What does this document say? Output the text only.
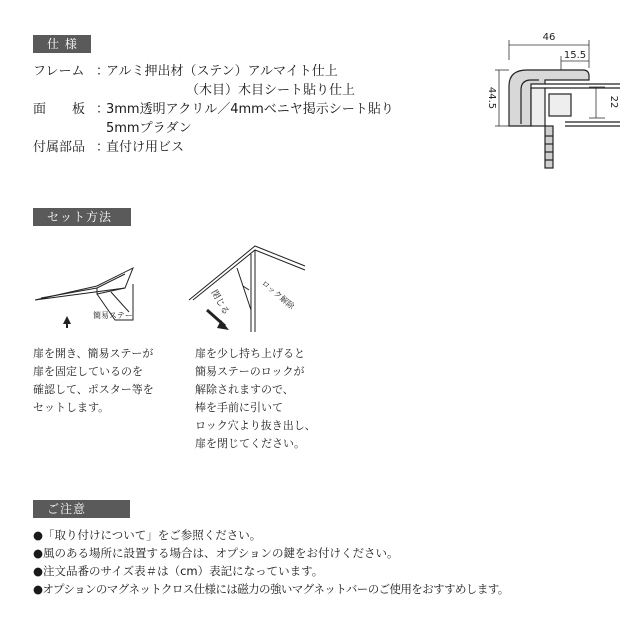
仕 様
フレーム ：アルミ押出材（ステン）アルマイト仕上
（木目）木目シート貼り仕上
面　　板 ：3mm透明アクリル／4mmベニヤ掲示シート貼り
5mmプラダン
付属部品 ：直付け用ビス
46
15.5
44.5	22
セット方法
簡易ステー	閉じる	ロック解除
扉を開き、簡易ステーが
扉を固定しているのを
確認して、ポスター等を
セットします。
扉を少し持ち上げると
簡易ステーのロックが
解除されますので、
棒を手前に引いて
ロック穴より抜き出し、
扉を閉じてください。
ご注意
●「取り付けについて」をご参照ください。
●風のある場所に設置する場合は、オプションの鍵をお付けください。
●注文品番のサイズ表＃は（cm）表記になっています。
●オプションのマグネットクロス仕様には磁力の強いマグネットバーのご使用をおすすめします。
